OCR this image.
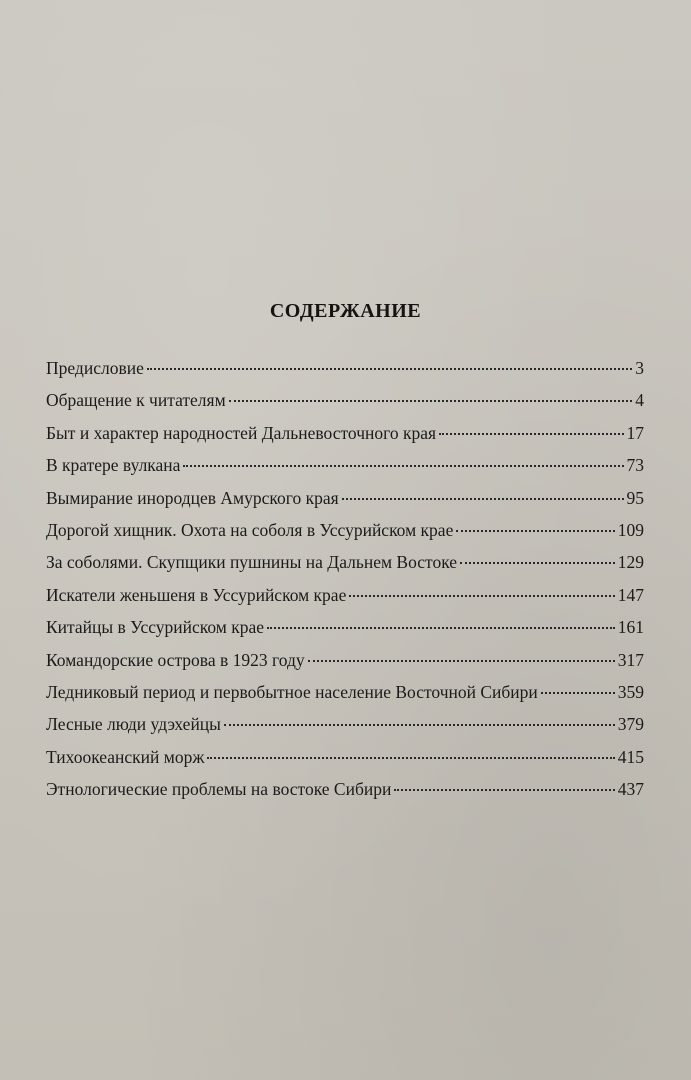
СОДЕРЖАНИЕ
Предисловие	3
Обращение к читателям	4
Быт и характер народностей Дальневосточного края	17
В кратере вулкана	73
Вымирание инородцев Амурского края	95
Дорогой хищник. Охота на соболя в Уссурийском крае	109
За соболями. Скупщики пушнины на Дальнем Востоке	129
Искатели женьшеня в Уссурийском крае	147
Китайцы в Уссурийском крае	161
Командорские острова в 1923 году	317
Ледниковый период и первобытное население Восточной Сибири	359
Лесные люди удэхейцы	379
Тихоокеанский морж	415
Этнологические проблемы на востоке Сибири	437
